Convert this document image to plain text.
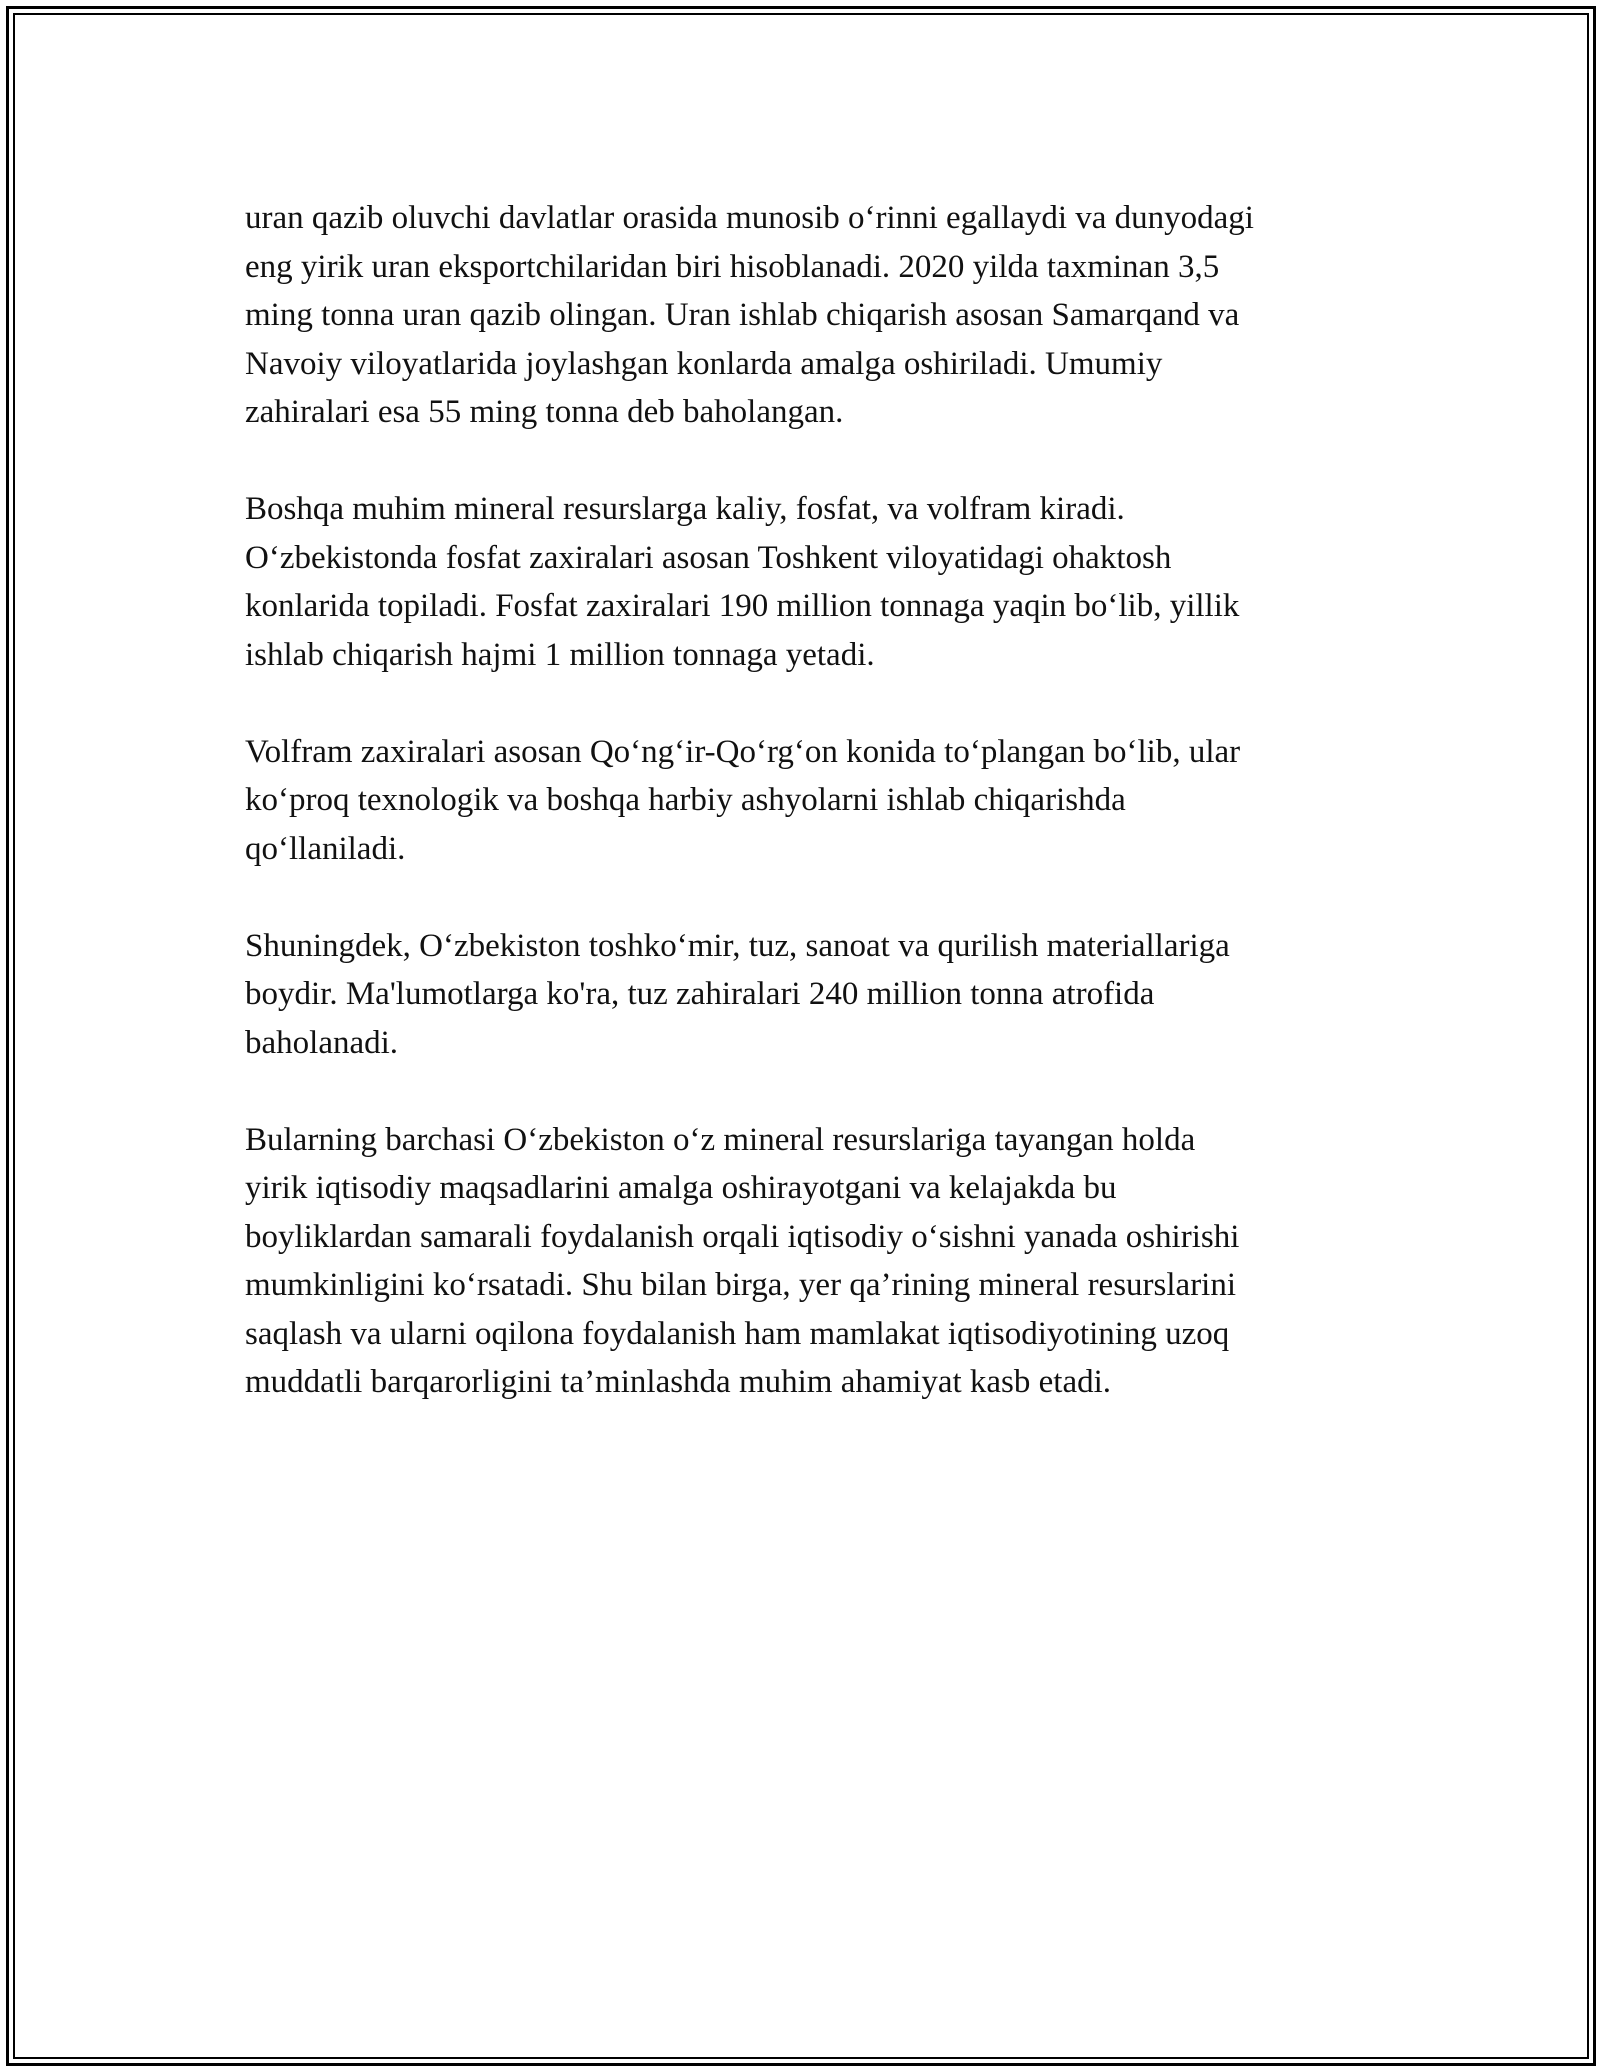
uran qazib oluvchi davlatlar orasida munosib o‘rinni egallaydi va dunyodagi
eng yirik uran eksportchilaridan biri hisoblanadi. 2020 yilda taxminan 3,5
ming tonna uran qazib olingan. Uran ishlab chiqarish asosan Samarqand va
Navoiy viloyatlarida joylashgan konlarda amalga oshiriladi. Umumiy
zahiralari esa 55 ming tonna deb baholangan.

Boshqa muhim mineral resurslarga kaliy, fosfat, va volfram kiradi.
O‘zbekistonda fosfat zaxiralari asosan Toshkent viloyatidagi ohaktosh
konlarida topiladi. Fosfat zaxiralari 190 million tonnaga yaqin bo‘lib, yillik
ishlab chiqarish hajmi 1 million tonnaga yetadi.

Volfram zaxiralari asosan Qo‘ng‘ir-Qo‘rg‘on konida to‘plangan bo‘lib, ular
ko‘proq texnologik va boshqa harbiy ashyolarni ishlab chiqarishda
qo‘llaniladi.

Shuningdek, O‘zbekiston toshko‘mir, tuz, sanoat va qurilish materiallariga
boydir. Ma'lumotlarga ko'ra, tuz zahiralari 240 million tonna atrofida
baholanadi.

Bularning barchasi O‘zbekiston o‘z mineral resurslariga tayangan holda
yirik iqtisodiy maqsadlarini amalga oshirayotgani va kelajakda bu
boyliklardan samarali foydalanish orqali iqtisodiy o‘sishni yanada oshirishi
mumkinligini ko‘rsatadi. Shu bilan birga, yer qa’rining mineral resurslarini
saqlash va ularni oqilona foydalanish ham mamlakat iqtisodiyotining uzoq
muddatli barqarorligini ta’minlashda muhim ahamiyat kasb etadi.
